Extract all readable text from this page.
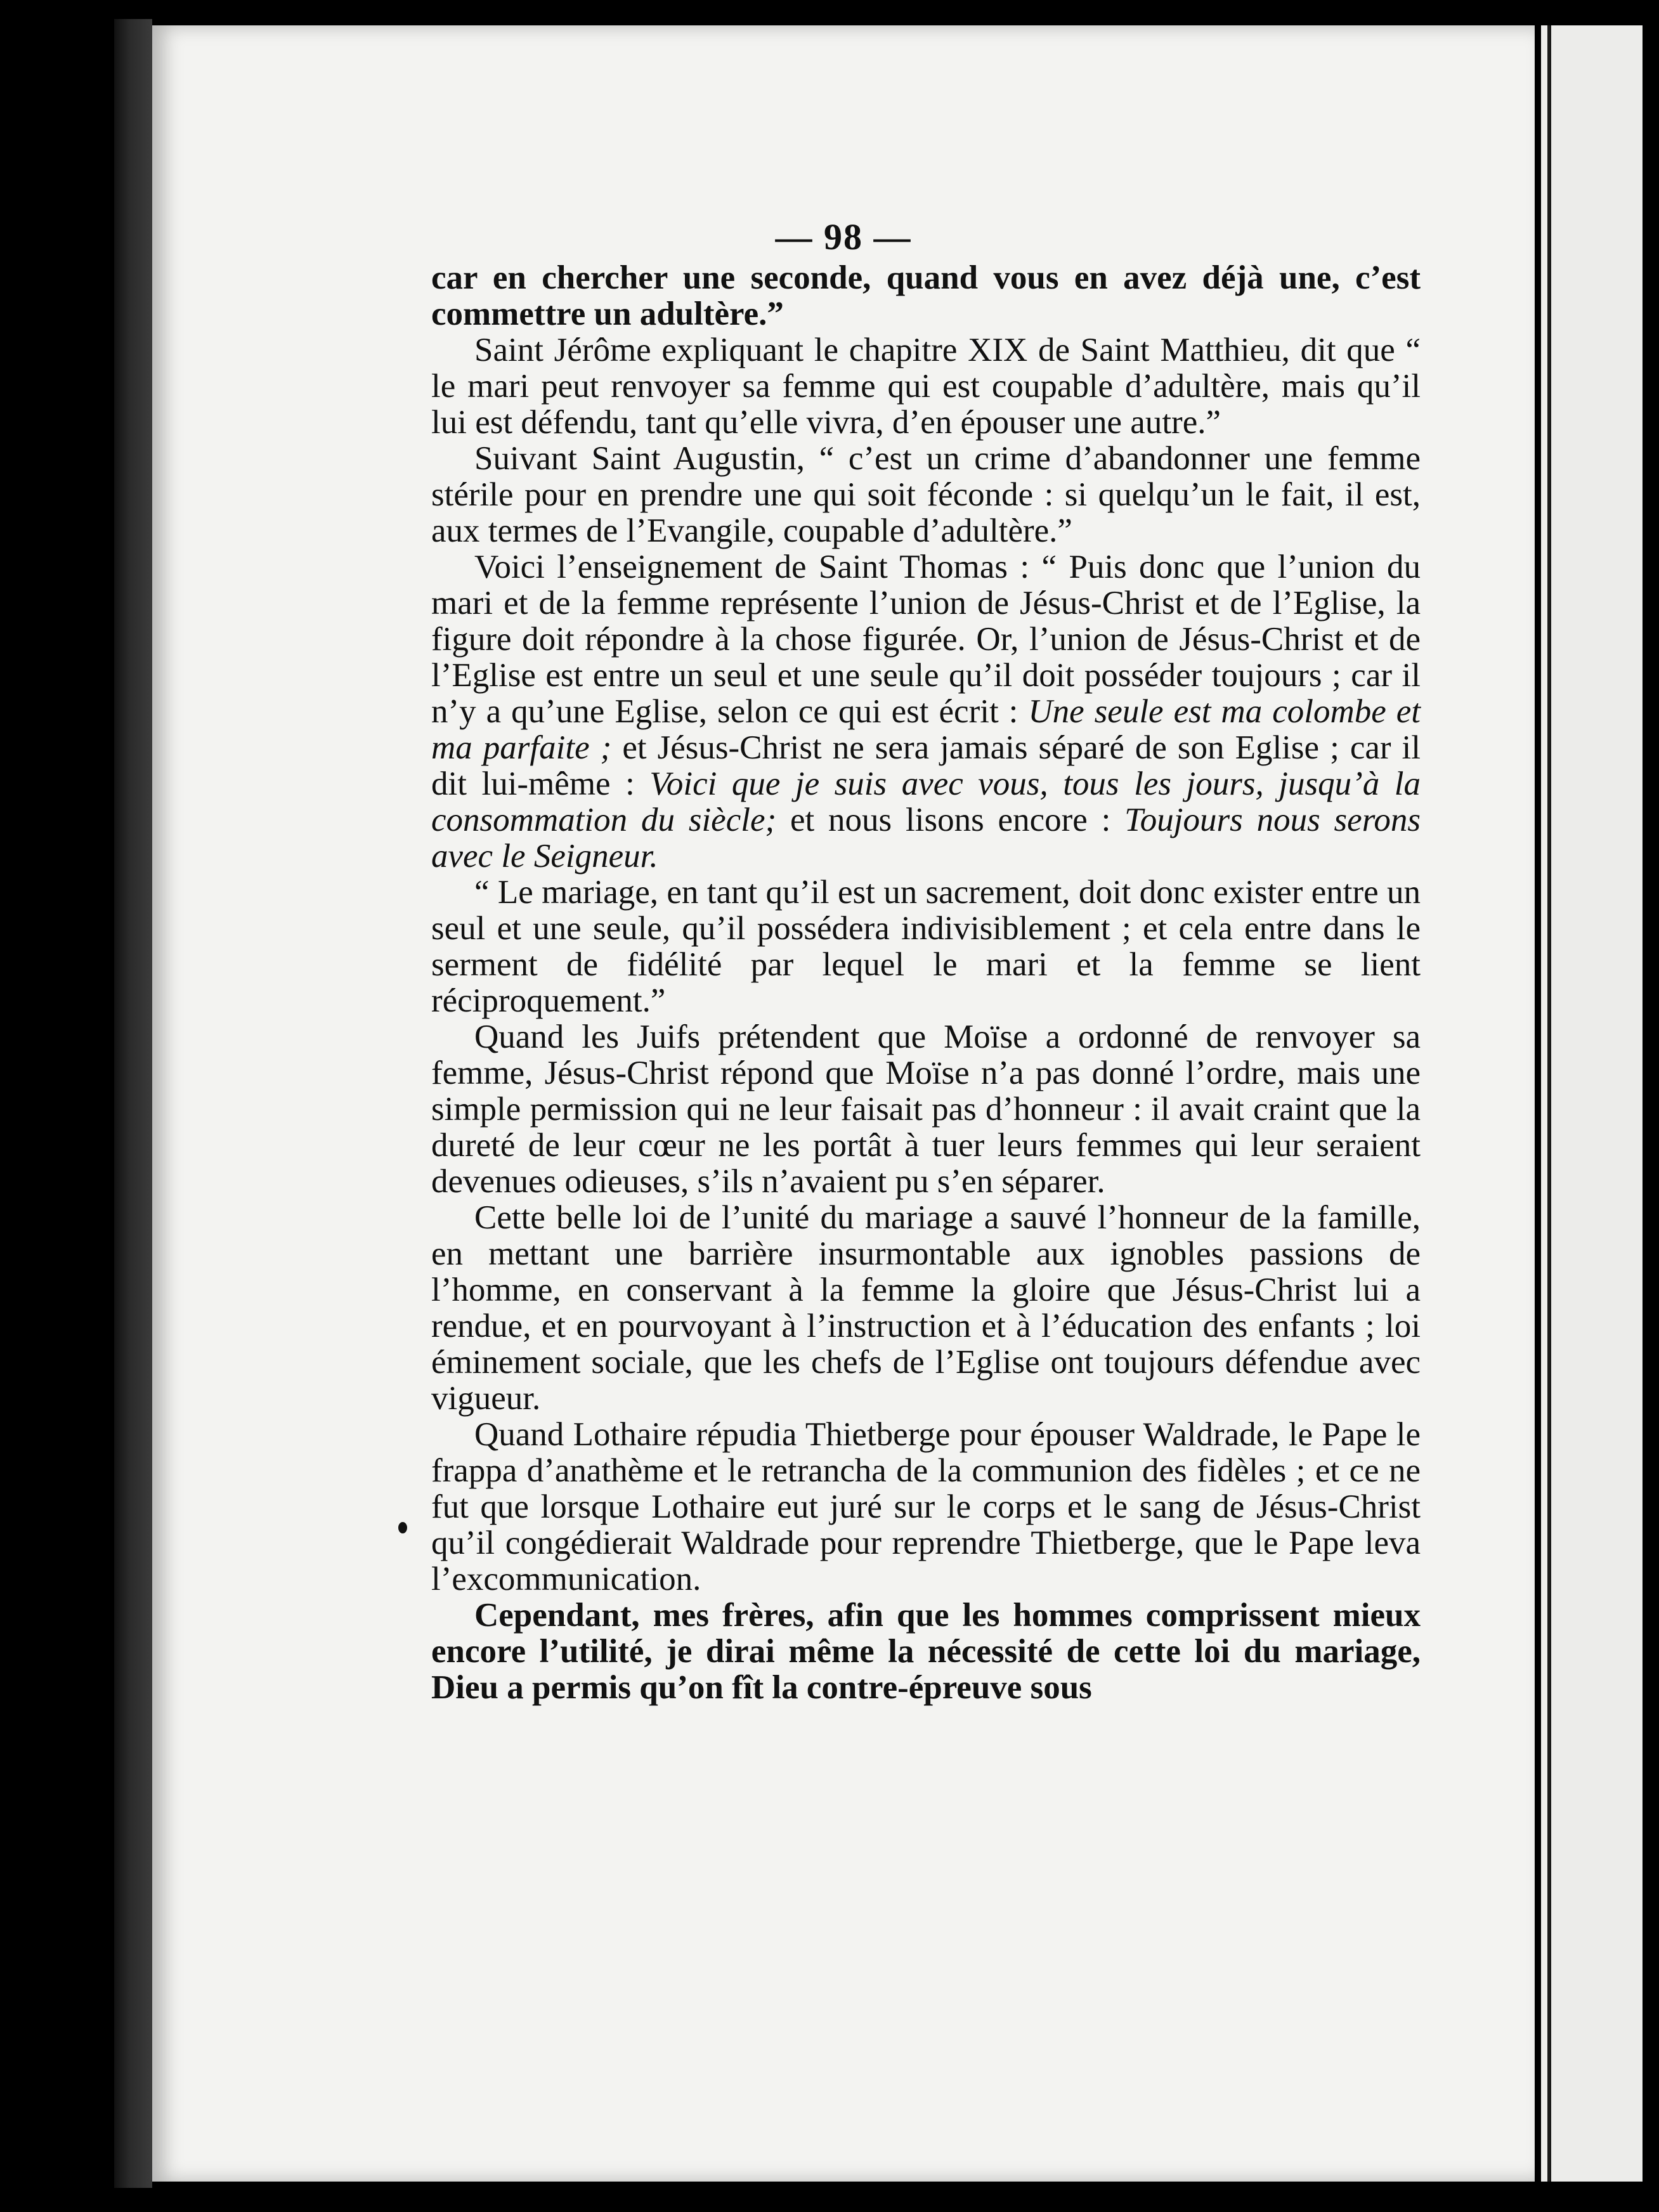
— 98 —

car en chercher une seconde, quand vous en avez déjà une, c’est commettre un adultère.”

Saint Jérôme expliquant le chapitre XIX de Saint Matthieu, dit que “ le mari peut renvoyer sa femme qui est coupable d’adultère, mais qu’il lui est défendu, tant qu’elle vivra, d’en épouser une autre.”

Suivant Saint Augustin, “ c’est un crime d’abandonner une femme stérile pour en prendre une qui soit féconde : si quelqu’un le fait, il est, aux termes de l’Evangile, coupable d’adultère.”

Voici l’enseignement de Saint Thomas : “ Puis donc que l’union du mari et de la femme représente l’union de Jésus-Christ et de l’Eglise, la figure doit répondre à la chose figurée. Or, l’union de Jésus-Christ et de l’Eglise est entre un seul et une seule qu’il doit posséder toujours ; car il n’y a qu’une Eglise, selon ce qui est écrit : Une seule est ma colombe et ma parfaite ; et Jésus-Christ ne sera jamais séparé de son Eglise ; car il dit lui-même : Voici que je suis avec vous, tous les jours, jusqu’à la consommation du siècle; et nous lisons encore : Toujours nous serons avec le Seigneur.

“ Le mariage, en tant qu’il est un sacrement, doit donc exister entre un seul et une seule, qu’il possédera indivisiblement ; et cela entre dans le serment de fidélité par lequel le mari et la femme se lient réciproquement.”

Quand les Juifs prétendent que Moïse a ordonné de renvoyer sa femme, Jésus-Christ répond que Moïse n’a pas donné l’ordre, mais une simple permission qui ne leur faisait pas d’honneur : il avait craint que la dureté de leur cœur ne les portât à tuer leurs femmes qui leur seraient devenues odieuses, s’ils n’avaient pu s’en séparer.

Cette belle loi de l’unité du mariage a sauvé l’honneur de la famille, en mettant une barrière insurmontable aux ignobles passions de l’homme, en conservant à la femme la gloire que Jésus-Christ lui a rendue, et en pourvoyant à l’instruction et à l’éducation des enfants ; loi éminement sociale, que les chefs de l’Eglise ont toujours défendue avec vigueur.

Quand Lothaire répudia Thietberge pour épouser Waldrade, le Pape le frappa d’anathème et le retrancha de la communion des fidèles ; et ce ne fut que lorsque Lothaire eut juré sur le corps et le sang de Jésus-Christ qu’il congédierait Waldrade pour reprendre Thietberge, que le Pape leva l’excommunication.

Cependant, mes frères, afin que les hommes comprissent mieux encore l’utilité, je dirai même la nécessité de cette loi du mariage, Dieu a permis qu’on fît la contre-épreuve sous
